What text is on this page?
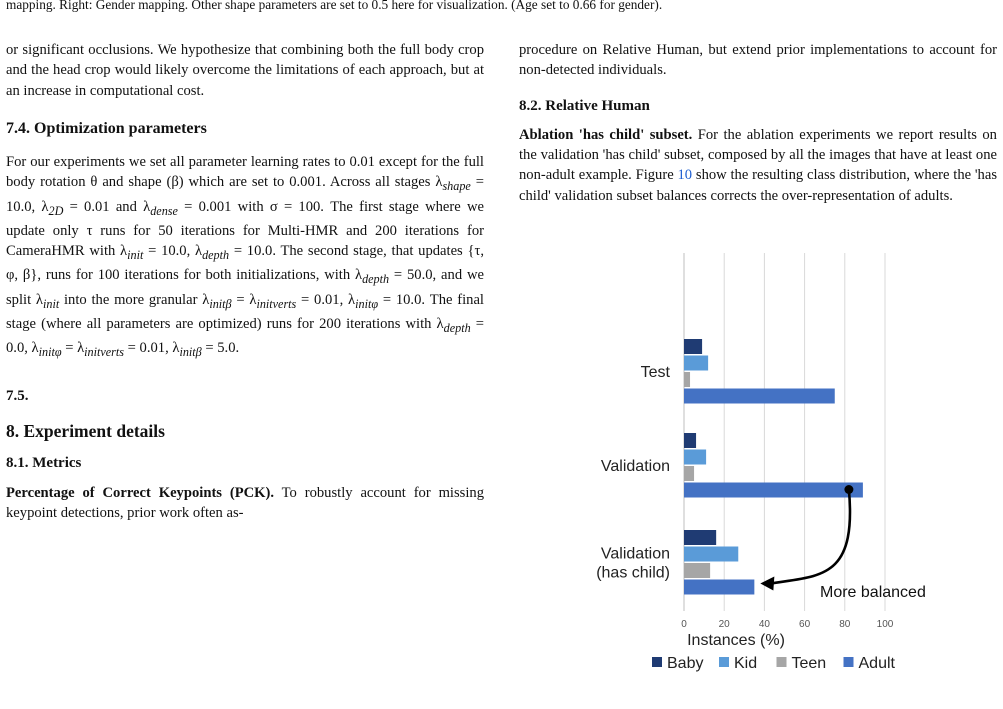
mapping. Right: Gender mapping. Other shape parameters are set to 0.5 here for visualization. (Age set to 0.66 for gender).

or significant occlusions. We hypothesize that combining both the full body crop and the head crop would likely overcome the limitations of each approach, but at an increase in computational cost.

7.4. Optimization parameters

For our experiments we set all parameter learning rates to 0.01 except for the full body rotation θ and shape (β) which are set to 0.001. Across all stages $\lambda_{shape} = 10.0$, $\lambda_{2D} = 0.01$ and $\lambda_{dense} = 0.001$ with σ = 100. The first stage where we update only τ runs for 50 iterations for Multi-HMR and 200 iterations for CameraHMR with $\lambda_{init} = 10.0$, $\lambda_{depth} = 10.0$. The second stage, that updates {τ, φ, β}, runs for 100 iterations for both initializations, with $\lambda_{depth} = 50.0$, and we split $\lambda_{init}$ into the more granular $\lambda_{init\beta} = \lambda_{initverts} = 0.01$, $\lambda_{init\varphi} = 10.0$. The final stage (where all parameters are optimized) runs for 200 iterations with $\lambda_{depth} = 0.0$, $\lambda_{init\varphi} = \lambda_{initverts} = 0.01$, $\lambda_{init\beta} = 5.0$.

7.5.
8. Experiment details
8.1. Metrics

Percentage of Correct Keypoints (PCK). To robustly account for missing keypoint detections, prior work often as-

procedure on Relative Human, but extend prior implementations to account for non-detected individuals.

8.2. Relative Human

Ablation 'has child' subset. For the ablation experiments we report results on the validation 'has child' subset, composed by all the images that have at least one non-adult example. Figure 10 show the resulting class distribution, where the 'has child' validation subset balances corrects the over-representation of adults.

Test
Validation
Validation
(has child)
0	20	40	60	80	100
Instances (%)
Baby Kid Teen Adult
More balanced
